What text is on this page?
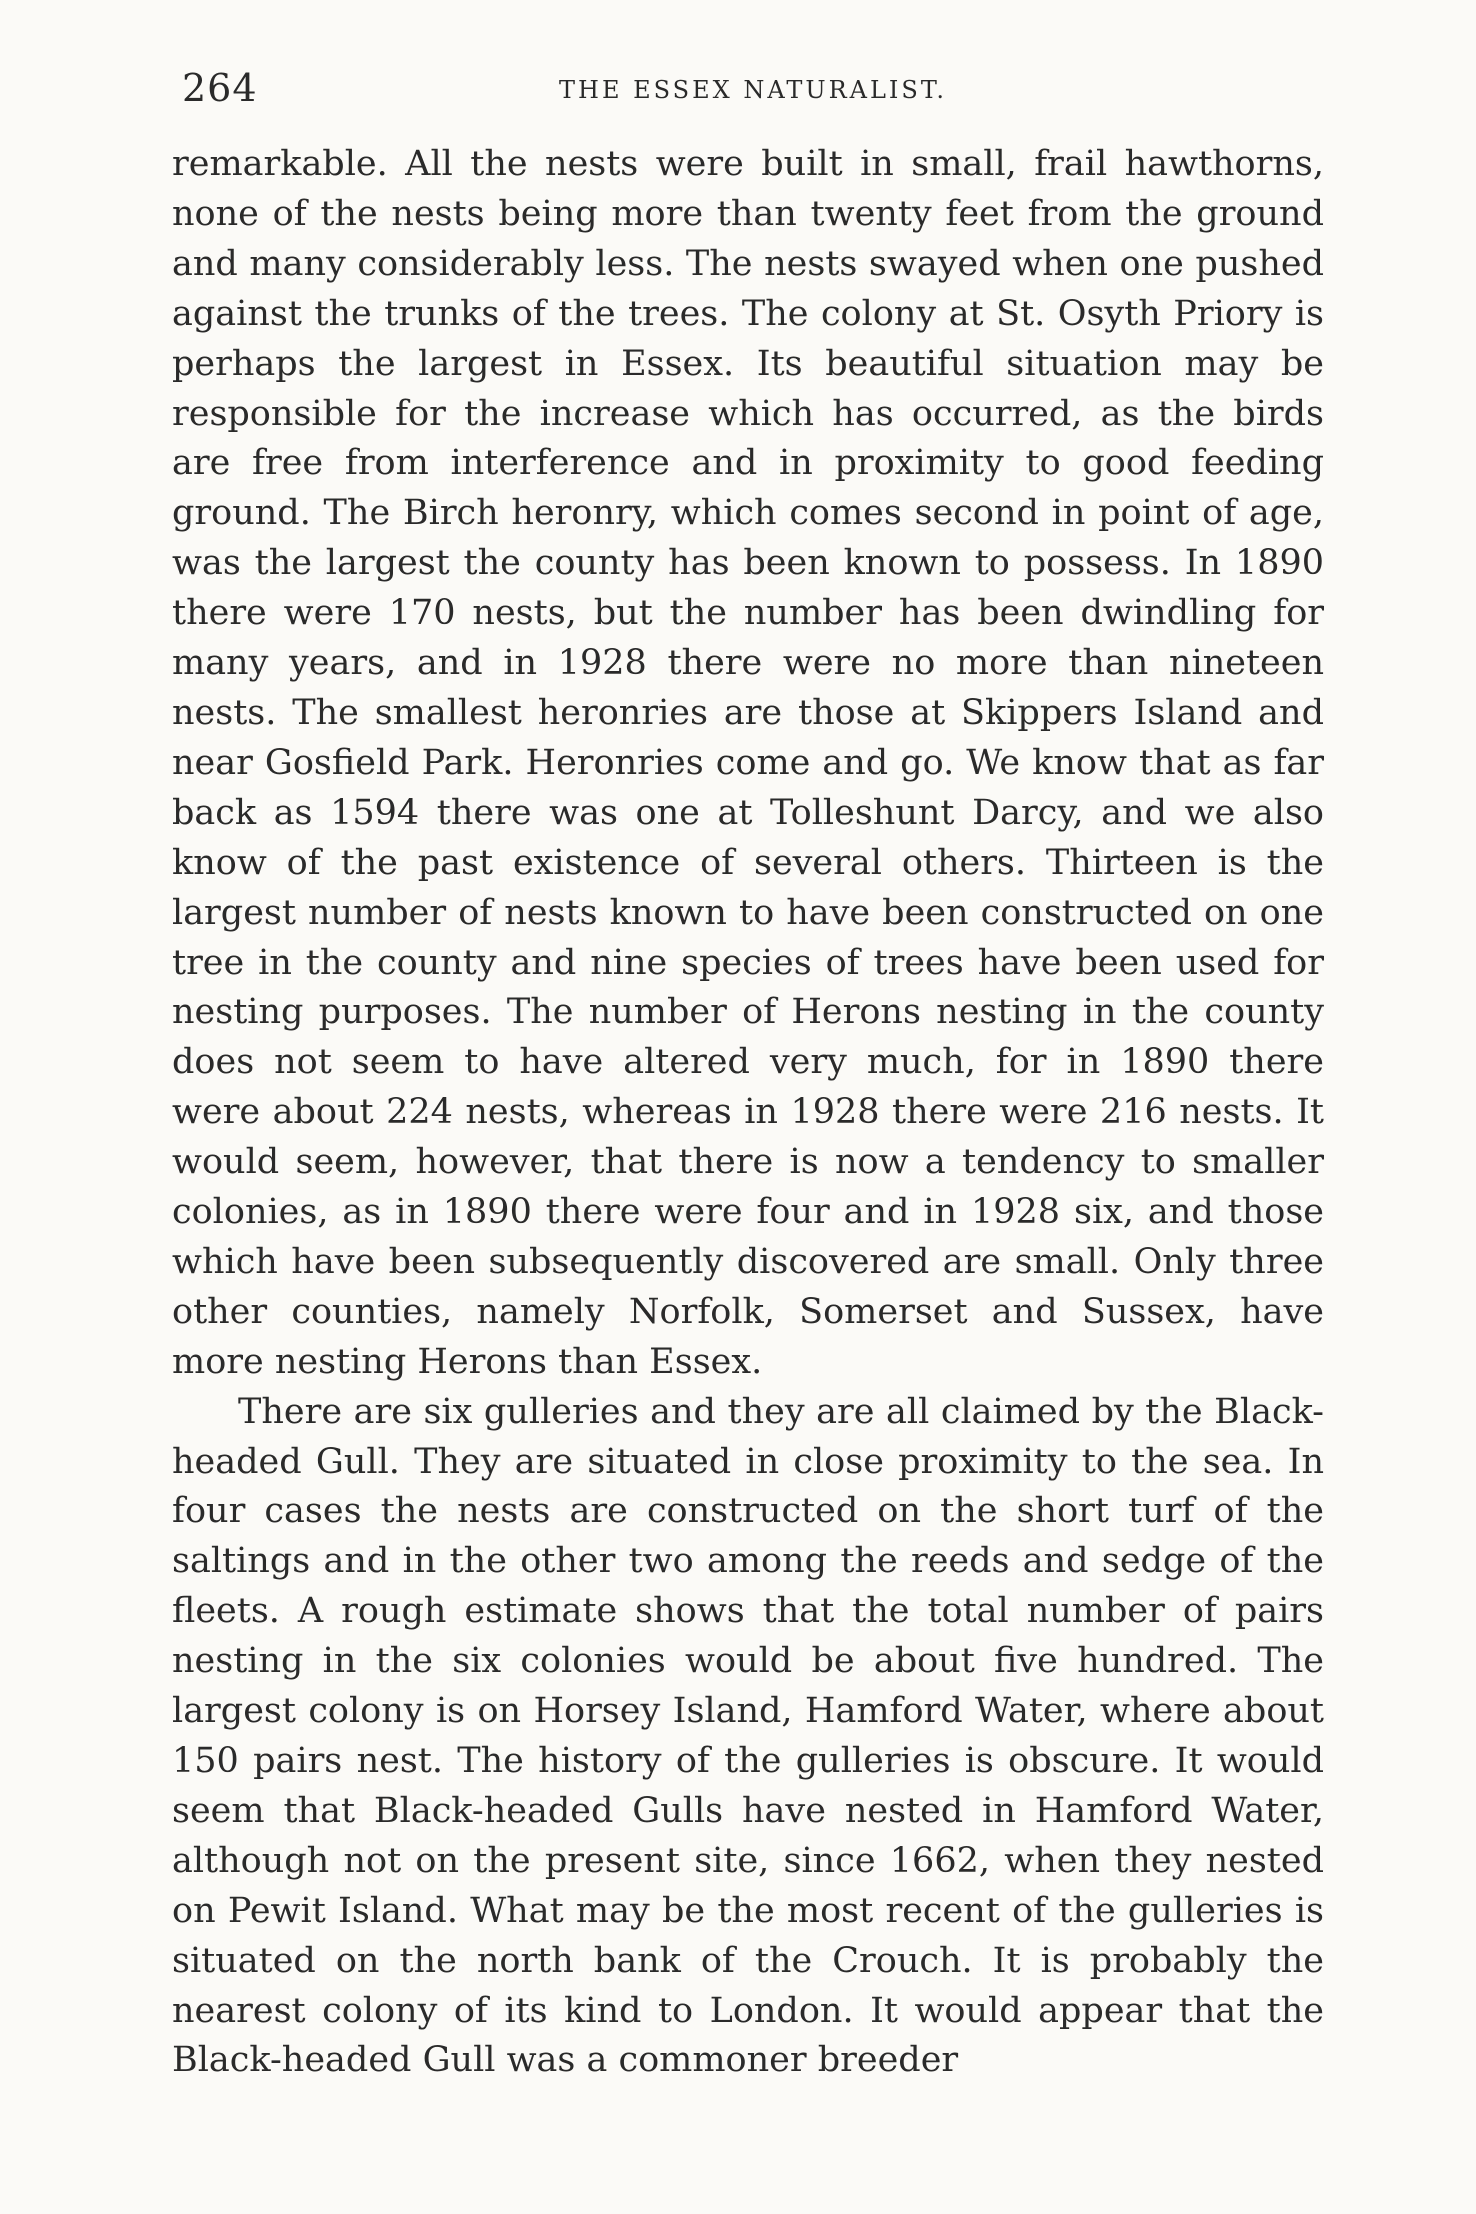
264	THE ESSEX NATURALIST.

remarkable. All the nests were built in small, frail hawthorns, none of the nests being more than twenty feet from the ground and many considerably less. The nests swayed when one pushed against the trunks of the trees. The colony at St. Osyth Priory is perhaps the largest in Essex. Its beautiful situation may be responsible for the increase which has occurred, as the birds are free from interference and in proximity to good feeding ground. The Birch heronry, which comes second in point of age, was the largest the county has been known to possess. In 1890 there were 170 nests, but the number has been dwindling for many years, and in 1928 there were no more than nineteen nests. The smallest heronries are those at Skippers Island and near Gosfield Park. Heronries come and go. We know that as far back as 1594 there was one at Tolleshunt Darcy, and we also know of the past existence of several others. Thirteen is the largest number of nests known to have been constructed on one tree in the county and nine species of trees have been used for nesting purposes. The number of Herons nesting in the county does not seem to have altered very much, for in 1890 there were about 224 nests, whereas in 1928 there were 216 nests. It would seem, however, that there is now a tendency to smaller colonies, as in 1890 there were four and in 1928 six, and those which have been subsequently discovered are small. Only three other counties, namely Norfolk, Somerset and Sussex, have more nesting Herons than Essex.

There are six gulleries and they are all claimed by the Black-headed Gull. They are situated in close proximity to the sea. In four cases the nests are constructed on the short turf of the saltings and in the other two among the reeds and sedge of the fleets. A rough estimate shows that the total number of pairs nesting in the six colonies would be about five hundred. The largest colony is on Horsey Island, Hamford Water, where about 150 pairs nest. The history of the gulleries is obscure. It would seem that Black-headed Gulls have nested in Hamford Water, although not on the present site, since 1662, when they nested on Pewit Island. What may be the most recent of the gulleries is situated on the north bank of the Crouch. It is probably the nearest colony of its kind to London. It would appear that the Black-headed Gull was a commoner breeder
